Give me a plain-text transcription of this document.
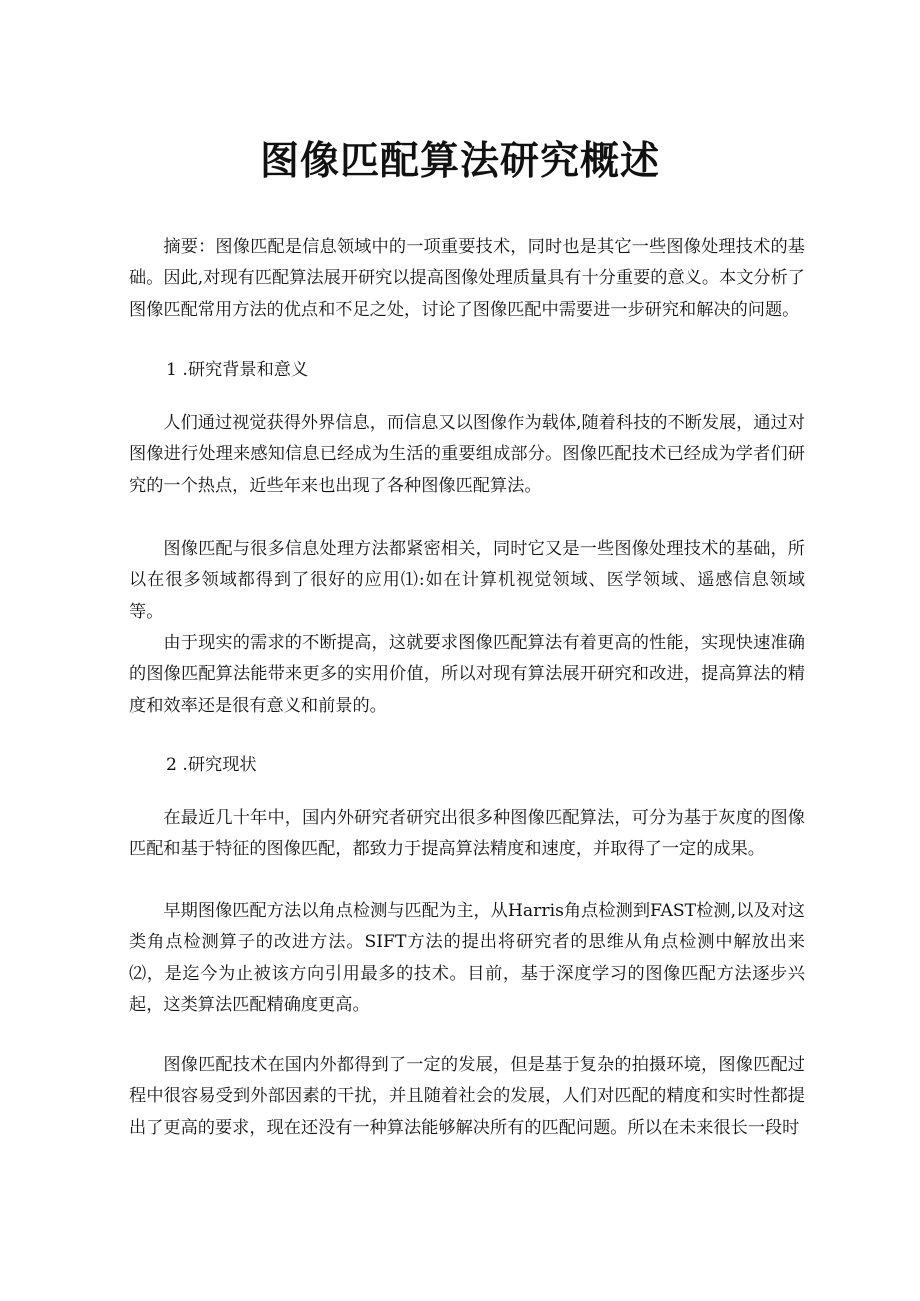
图像匹配算法研究概述

摘要：图像匹配是信息领域中的一项重要技术，同时也是其它一些图像处理技术的基础。因此,对现有匹配算法展开研究以提高图像处理质量具有十分重要的意义。本文分析了图像匹配常用方法的优点和不足之处，讨论了图像匹配中需要进一步研究和解决的问题。

1 .研究背景和意义

人们通过视觉获得外界信息，而信息又以图像作为载体,随着科技的不断发展，通过对图像进行处理来感知信息已经成为生活的重要组成部分。图像匹配技术已经成为学者们研究的一个热点，近些年来也出现了各种图像匹配算法。

图像匹配与很多信息处理方法都紧密相关，同时它又是一些图像处理技术的基础，所以在很多领域都得到了很好的应用⑴:如在计算机视觉领域、医学领域、遥感信息领域等。

由于现实的需求的不断提高，这就要求图像匹配算法有着更高的性能，实现快速准确的图像匹配算法能带来更多的实用价值，所以对现有算法展开研究和改进，提高算法的精度和效率还是很有意义和前景的。

2 .研究现状

在最近几十年中，国内外研究者研究出很多种图像匹配算法，可分为基于灰度的图像匹配和基于特征的图像匹配，都致力于提高算法精度和速度，并取得了一定的成果。

早期图像匹配方法以角点检测与匹配为主，从Harris角点检测到FAST检测,以及对这类角点检测算子的改进方法。SIFT方法的提出将研究者的思维从角点检测中解放出来⑵，是迄今为止被该方向引用最多的技术。目前，基于深度学习的图像匹配方法逐步兴起，这类算法匹配精确度更高。

图像匹配技术在国内外都得到了一定的发展，但是基于复杂的拍摄环境，图像匹配过程中很容易受到外部因素的干扰，并且随着社会的发展，人们对匹配的精度和实时性都提出了更高的要求，现在还没有一种算法能够解决所有的匹配问题。所以在未来很长一段时
